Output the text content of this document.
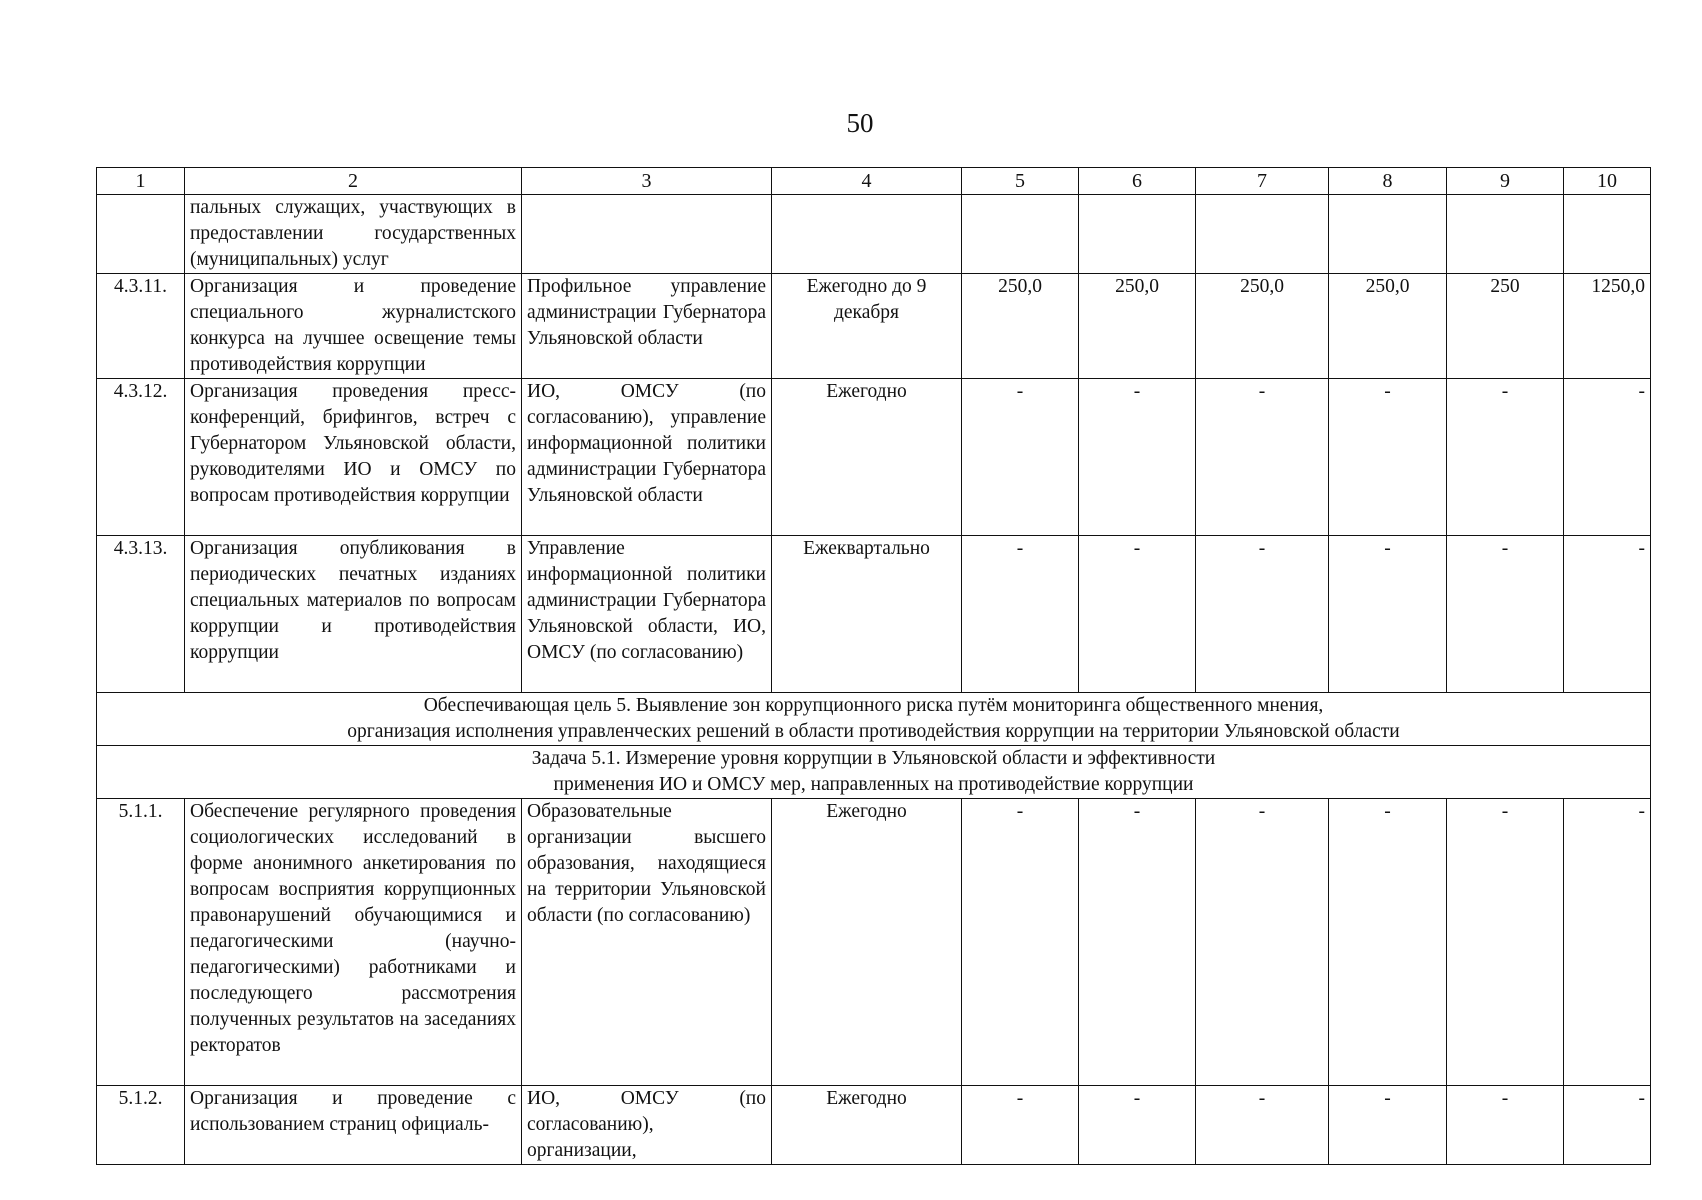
50
1	2	3	4	5	6	7	8	9	10
	пальных служащих, участвующих в предоставлении государственных (муниципальных) услуг								
4.3.11.	Организация и проведение специального журналистского конкурса на лучшее освещение темы противодействия коррупции	Профильное управление администрации Губернатора Ульяновской области	Ежегодно до 9 декабря	250,0	250,0	250,0	250,0	250	1250,0
4.3.12.	Организация проведения пресс-конференций, брифингов, встреч с Губернатором Ульяновской области, руководителями ИО и ОМСУ по вопросам противодействия коррупции	ИО, ОМСУ (по согласованию), управление информационной политики администрации Губернатора Ульяновской области	Ежегодно	-	-	-	-	-	-
4.3.13.	Организация опубликования в периодических печатных изданиях специальных материалов по вопросам коррупции и противодействия коррупции	Управление информационной политики администрации Губернатора Ульяновской области, ИО, ОМСУ (по согласованию)	Ежеквартально	-	-	-	-	-	-

Обеспечивающая цель 5. Выявление зон коррупционного риска путём мониторинга общественного мнения,
организация исполнения управленческих решений в области противодействия коррупции на территории Ульяновской области									

Задача 5.1. Измерение уровня коррупции в Ульяновской области и эффективности
применения ИО и ОМСУ мер, направленных на противодействие коррупции									

5.1.1.	Обеспечение регулярного проведения социологических исследований в форме анонимного анкетирования по вопросам восприятия коррупционных правонарушений обучающимися и педагогическими (научно-педагогическими) работниками и последующего рассмотрения полученных результатов на заседаниях ректоратов	Образовательные организации высшего образования, находящиеся на территории Ульяновской области (по согласованию)	Ежегодно	-	-	-	-	-	-
5.1.2.	Организация и проведение с использованием страниц официаль-	ИО, ОМСУ (по согласованию), организации,	Ежегодно	-	-	-	-	-	-
